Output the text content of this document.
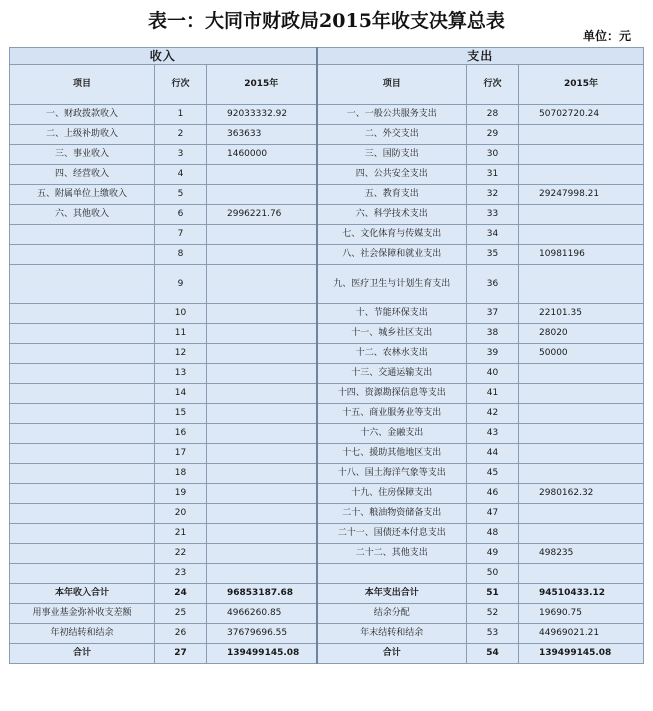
表一：大同市财政局2015年收支决算总表
单位：元
收入			支出		
项目	行次	2015年	项目	行次	2015年
一、财政拨款收入	1	92033332.92	一、一般公共服务支出	28	50702720.24
二、上级补助收入	2	363633	二、外交支出	29	
三、事业收入	3	1460000	三、国防支出	30	
四、经营收入	4		四、公共安全支出	31	
五、附属单位上缴收入	5		五、教育支出	32	29247998.21
六、其他收入	6	2996221.76	六、科学技术支出	33	
	7		七、文化体育与传媒支出	34	
	8		八、社会保障和就业支出	35	10981196
	9		九、医疗卫生与计划生育支出	36	
	10		十、节能环保支出	37	22101.35
	11		十一、城乡社区支出	38	28020
	12		十二、农林水支出	39	50000
	13		十三、交通运输支出	40	
	14		十四、资源勘探信息等支出	41	
	15		十五、商业服务业等支出	42	
	16		十六、金融支出	43	
	17		十七、援助其他地区支出	44	
	18		十八、国土海洋气象等支出	45	
	19		十九、住房保障支出	46	2980162.32
	20		二十、粮油物资储备支出	47	
	21		二十一、国债还本付息支出	48	
	22		二十二、其他支出	49	498235
	23			50	
本年收入合计	24	96853187.68	本年支出合计	51	94510433.12
用事业基金弥补收支差额	25	4966260.85	结余分配	52	19690.75
年初结转和结余	26	37679696.55	年末结转和结余	53	44969021.21
合计	27	139499145.08	合计	54	139499145.08
